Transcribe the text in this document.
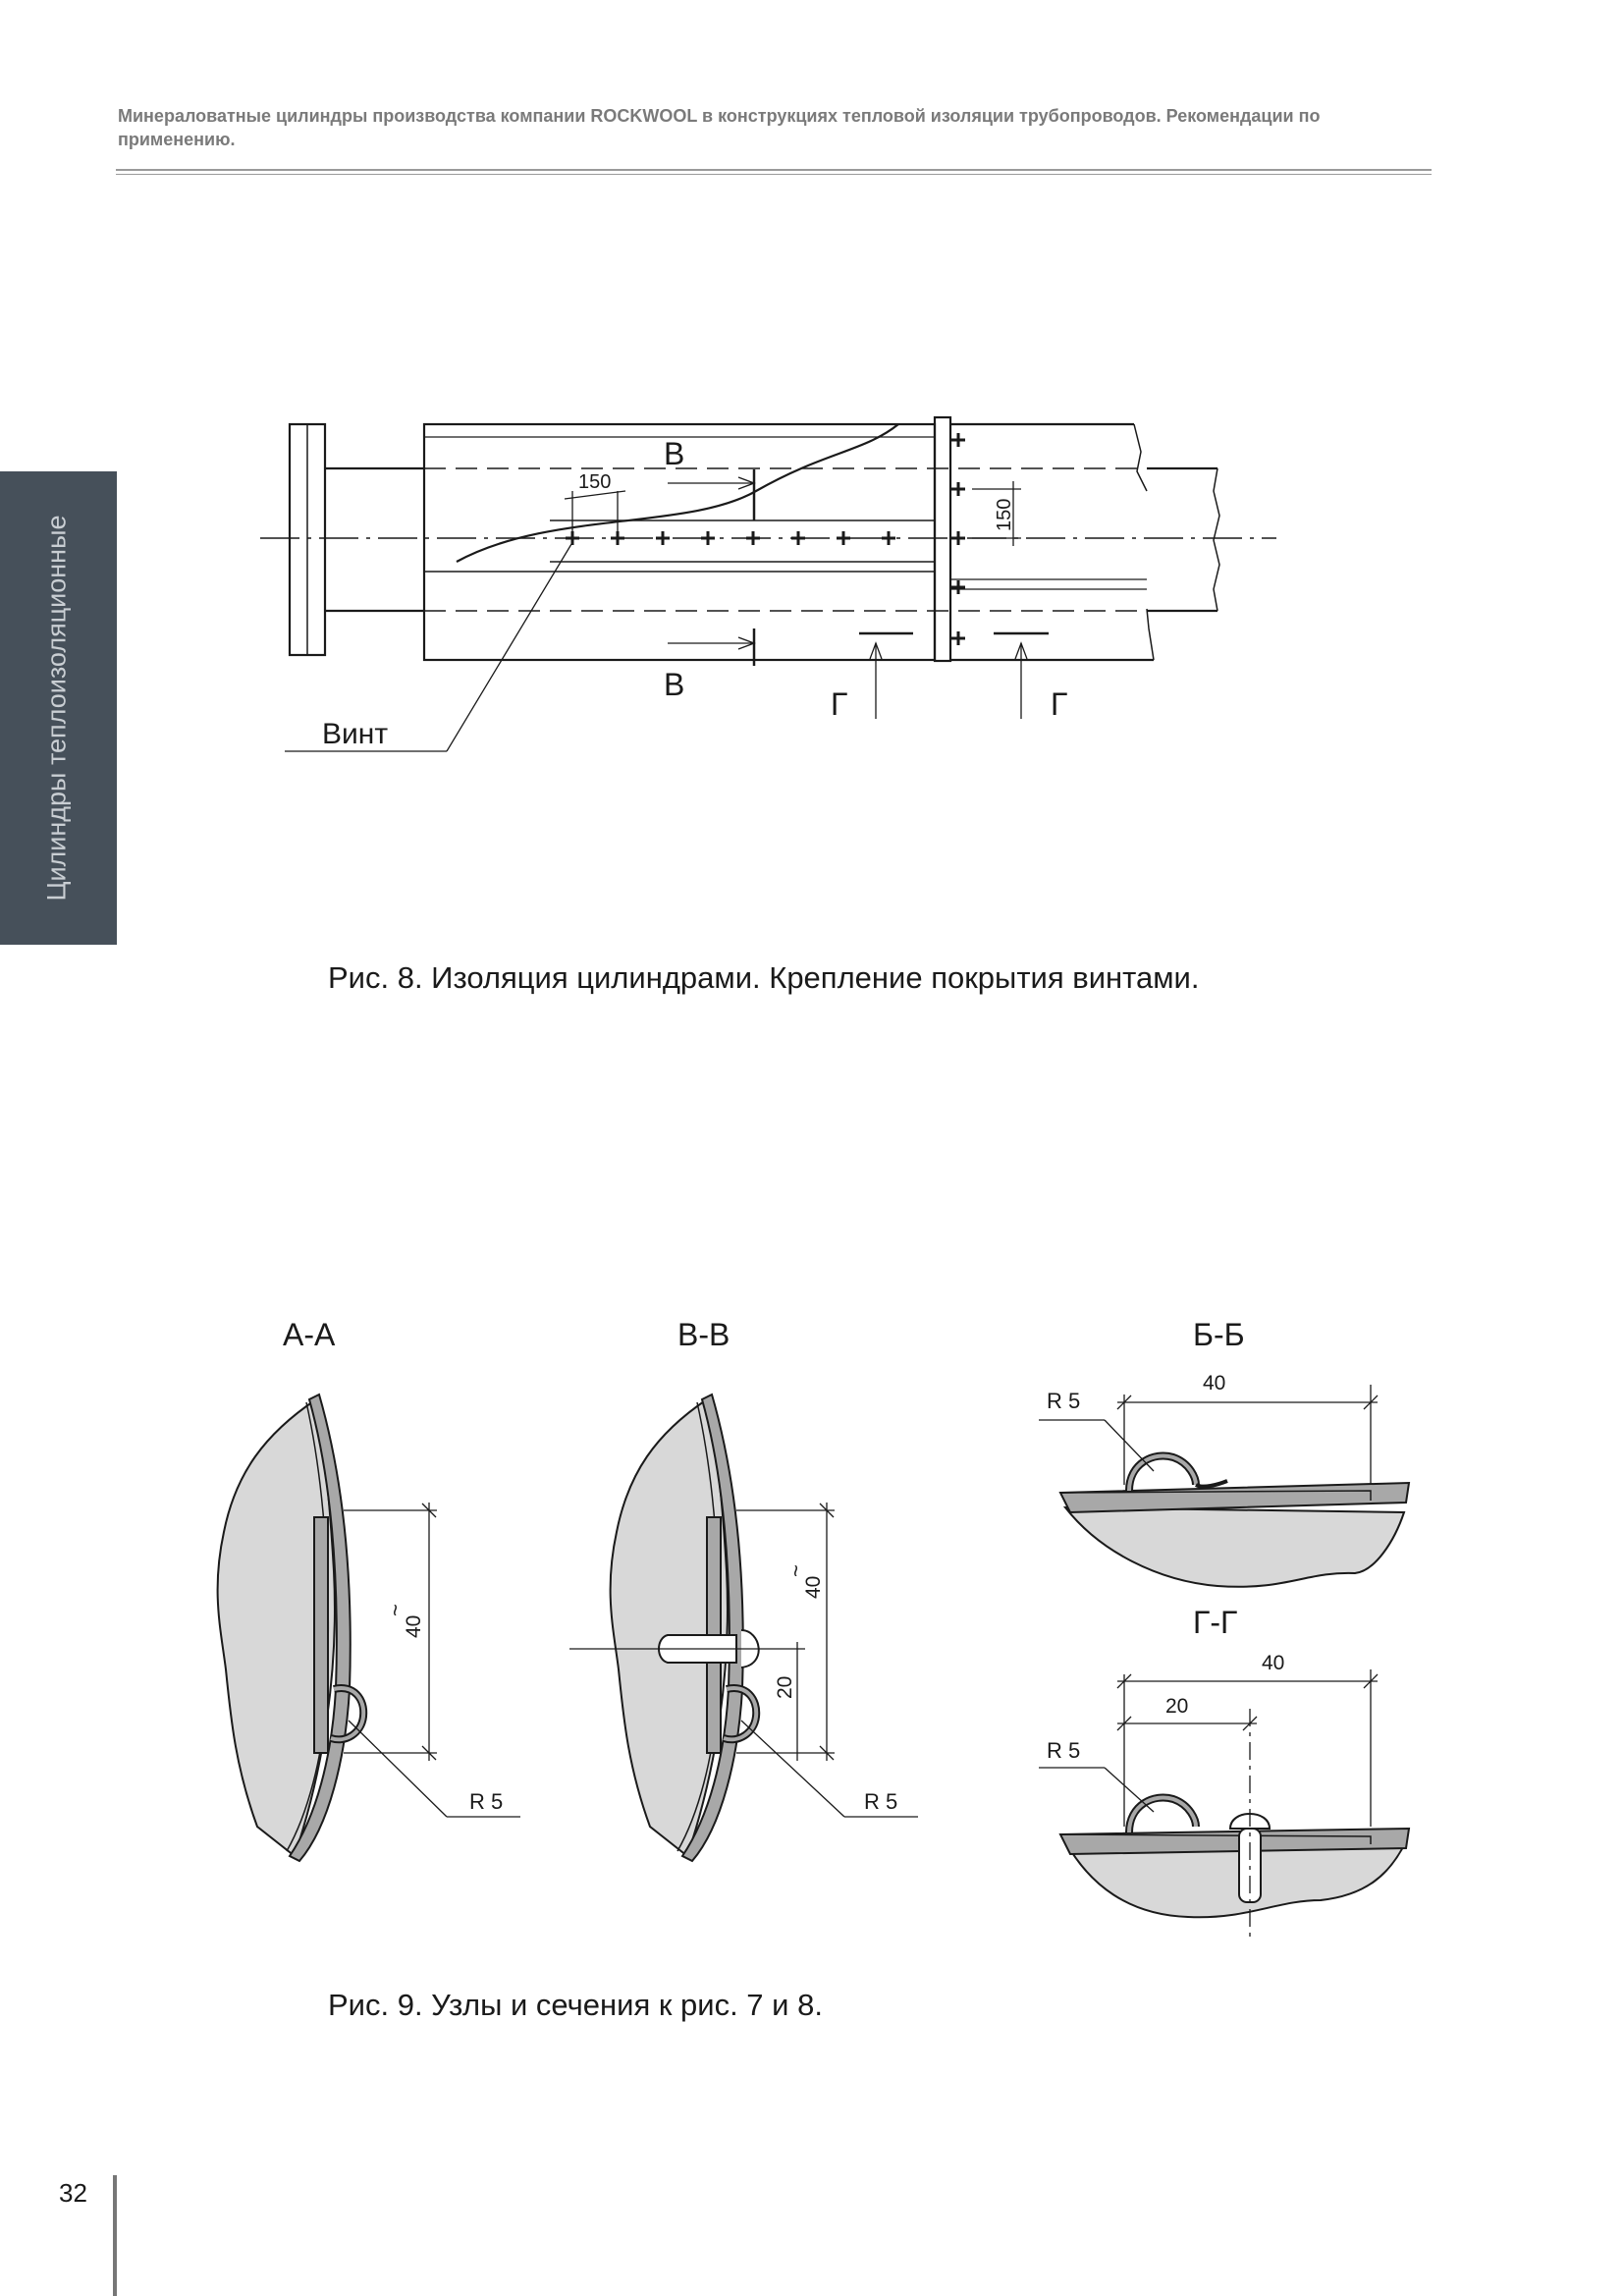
Минераловатные цилиндры производства компании ROCKWOOL в конструкциях тепловой изоляции трубопроводов. Рекомендации по применению.
Цилиндры теплоизоляционные
В
В
Г	Г
150
150
Винт
Рис. 8. Изоляция цилиндрами. Крепление покрытия винтами.
А-А
40
~
R 5
В-В
40
~
20
R 5
Б-Б
40
R 5
Г-Г
40
20
R 5
Рис. 9. Узлы и сечения к рис. 7 и 8.
32
